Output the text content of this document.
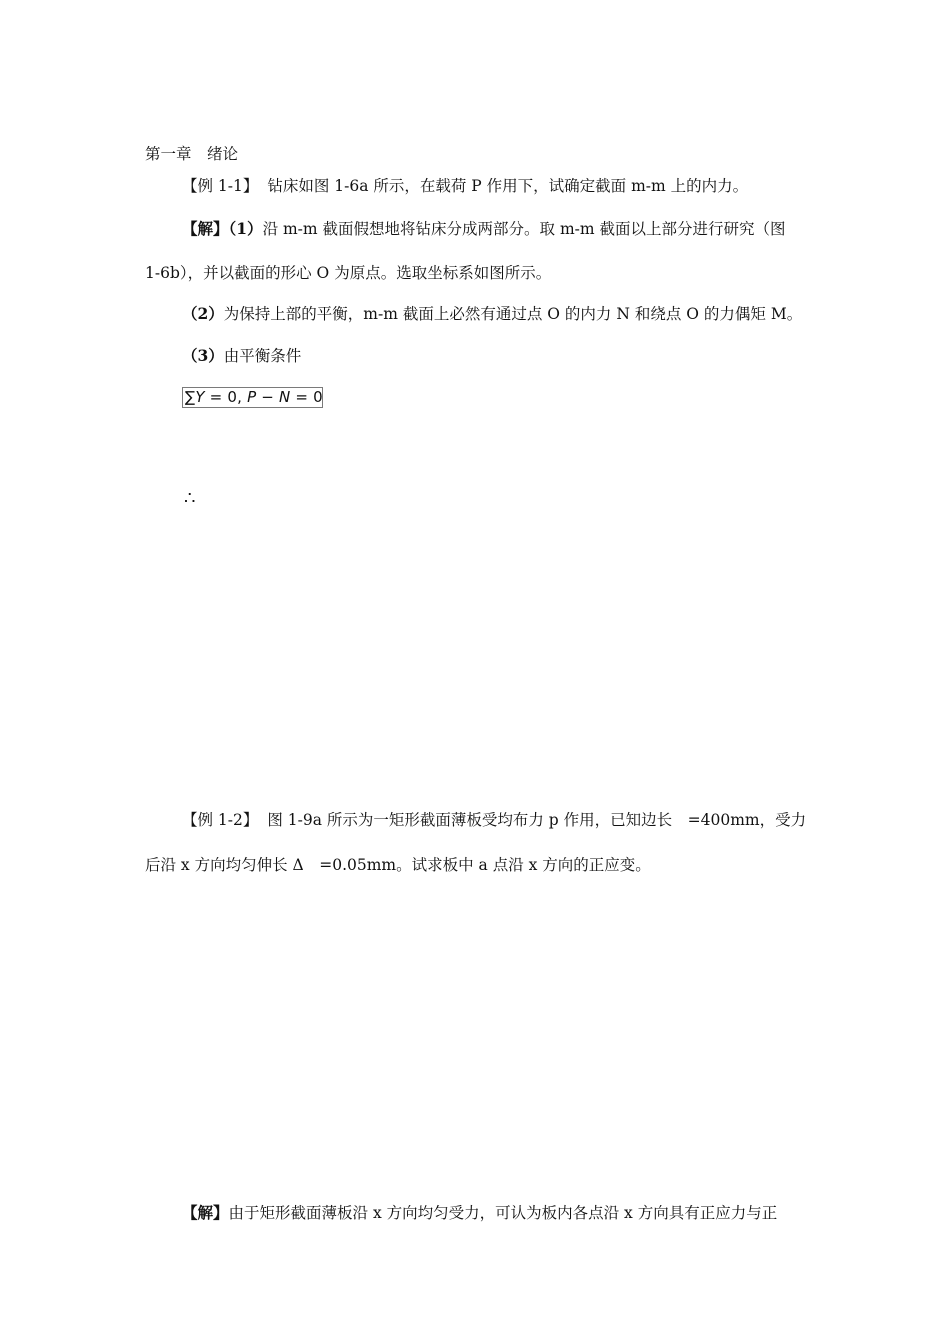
第一章　绪论
【例 1-1】 钻床如图 1-6a 所示，在载荷 P 作用下，试确定截面 m-m 上的内力。
【解】（1）沿 m-m 截面假想地将钻床分成两部分。取 m-m 截面以上部分进行研究（图
1-6b），并以截面的形心 O 为原点。选取坐标系如图所示。
（2）为保持上部的平衡，m-m 截面上必然有通过点 O 的内力 N 和绕点 O 的力偶矩 M。
（3）由平衡条件
∑Y = 0, P − N = 0
∴
【例 1-2】 图 1-9a 所示为一矩形截面薄板受均布力 p 作用，已知边长　=400mm，受力
后沿 x 方向均匀伸长 Δ　=0.05mm。试求板中 a 点沿 x 方向的正应变。
【解】由于矩形截面薄板沿 x 方向均匀受力，可认为板内各点沿 x 方向具有正应力与正
